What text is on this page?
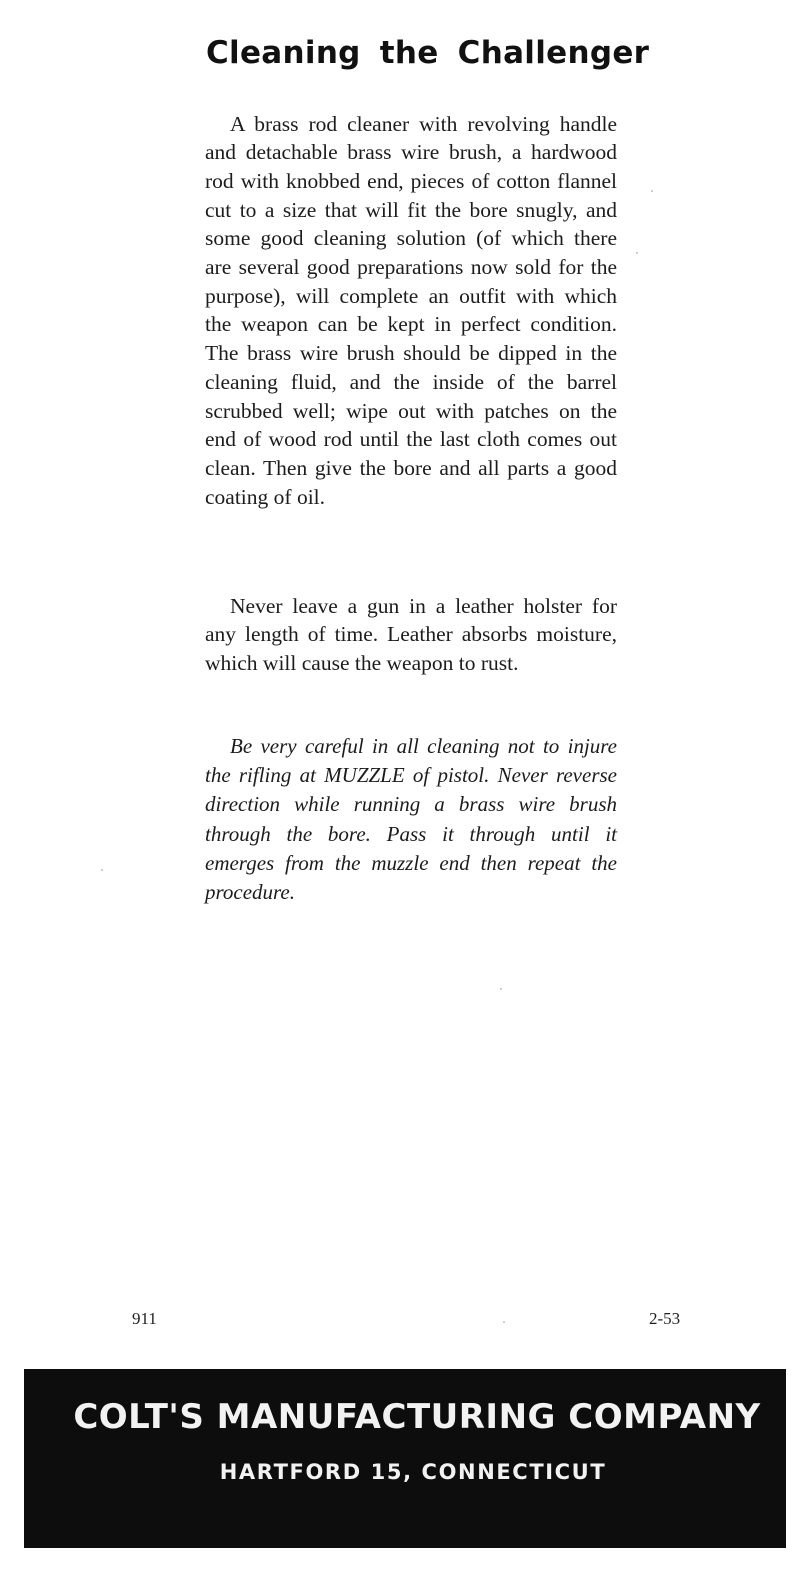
Cleaning the Challenger

A brass rod cleaner with revolving handle and detachable brass wire brush, a hardwood rod with knobbed end, pieces of cotton flannel cut to a size that will fit the bore snugly, and some good cleaning solution (of which there are several good preparations now sold for the purpose), will complete an outfit with which the weapon can be kept in perfect condition. The brass wire brush should be dipped in the cleaning fluid, and the inside of the barrel scrubbed well; wipe out with patches on the end of wood rod until the last cloth comes out clean. Then give the bore and all parts a good coating of oil.

Never leave a gun in a leather holster for any length of time. Leather absorbs moisture, which will cause the weapon to rust.

Be very careful in all cleaning not to injure the rifling at MUZZLE of pistol. Never reverse direction while running a brass wire brush through the bore. Pass it through until it emerges from the muzzle end then repeat the procedure.

911	2-53
COLT'S MANUFACTURING COMPANY
HARTFORD 15, CONNECTICUT
